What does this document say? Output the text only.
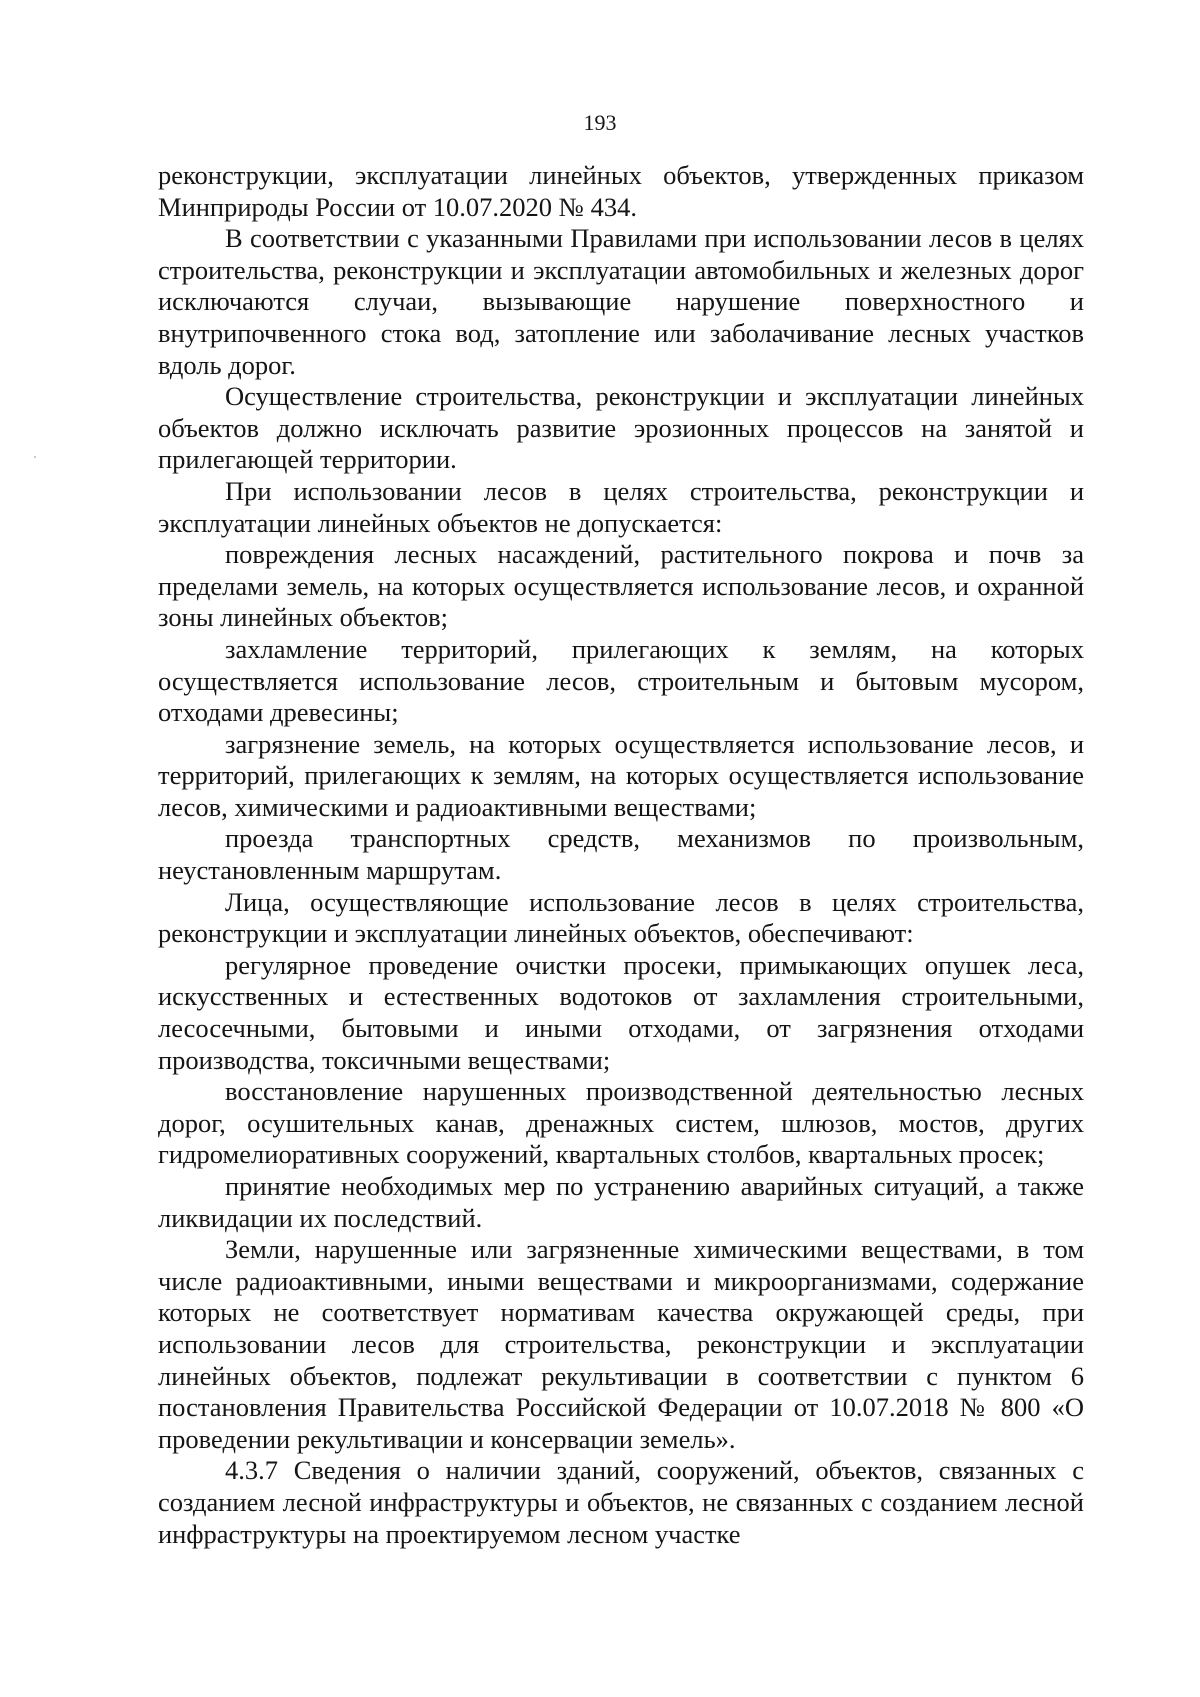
193

реконструкции, эксплуатации линейных объектов, утвержденных приказом Минприроды России от 10.07.2020 № 434.

В соответствии с указанными Правилами при использовании лесов в целях строительства, реконструкции и эксплуатации автомобильных и железных дорог исключаются случаи, вызывающие нарушение поверхностного и внутрипочвенного стока вод, затопление или заболачивание лесных участков вдоль дорог.

Осуществление строительства, реконструкции и эксплуатации линейных объектов должно исключать развитие эрозионных процессов на занятой и прилегающей территории.

При использовании лесов в целях строительства, реконструкции и эксплуатации линейных объектов не допускается:

повреждения лесных насаждений, растительного покрова и почв за пределами земель, на которых осуществляется использование лесов, и охранной зоны линейных объектов;

захламление территорий, прилегающих к землям, на которых осуществляется использование лесов, строительным и бытовым мусором, отходами древесины;

загрязнение земель, на которых осуществляется использование лесов, и территорий, прилегающих к землям, на которых осуществляется использование лесов, химическими и радиоактивными веществами;

проезда транспортных средств, механизмов по произвольным, неустановленным маршрутам.

Лица, осуществляющие использование лесов в целях строительства, реконструкции и эксплуатации линейных объектов, обеспечивают:

регулярное проведение очистки просеки, примыкающих опушек леса, искусственных и естественных водотоков от захламления строительными, лесосечными, бытовыми и иными отходами, от загрязнения отходами производства, токсичными веществами;

восстановление нарушенных производственной деятельностью лесных дорог, осушительных канав, дренажных систем, шлюзов, мостов, других гидромелиоративных сооружений, квартальных столбов, квартальных просек;

принятие необходимых мер по устранению аварийных ситуаций, а также ликвидации их последствий.

Земли, нарушенные или загрязненные химическими веществами, в том числе радиоактивными, иными веществами и микроорганизмами, содержание которых не соответствует нормативам качества окружающей среды, при использовании лесов для строительства, реконструкции и эксплуатации линейных объектов, подлежат рекультивации в соответствии с пунктом 6 постановления Правительства Российской Федерации от 10.07.2018 № 800 «О проведении рекультивации и консервации земель».

4.3.7 Сведения о наличии зданий, сооружений, объектов, связанных с созданием лесной инфраструктуры и объектов, не связанных с созданием лесной инфраструктуры на проектируемом лесном участке
